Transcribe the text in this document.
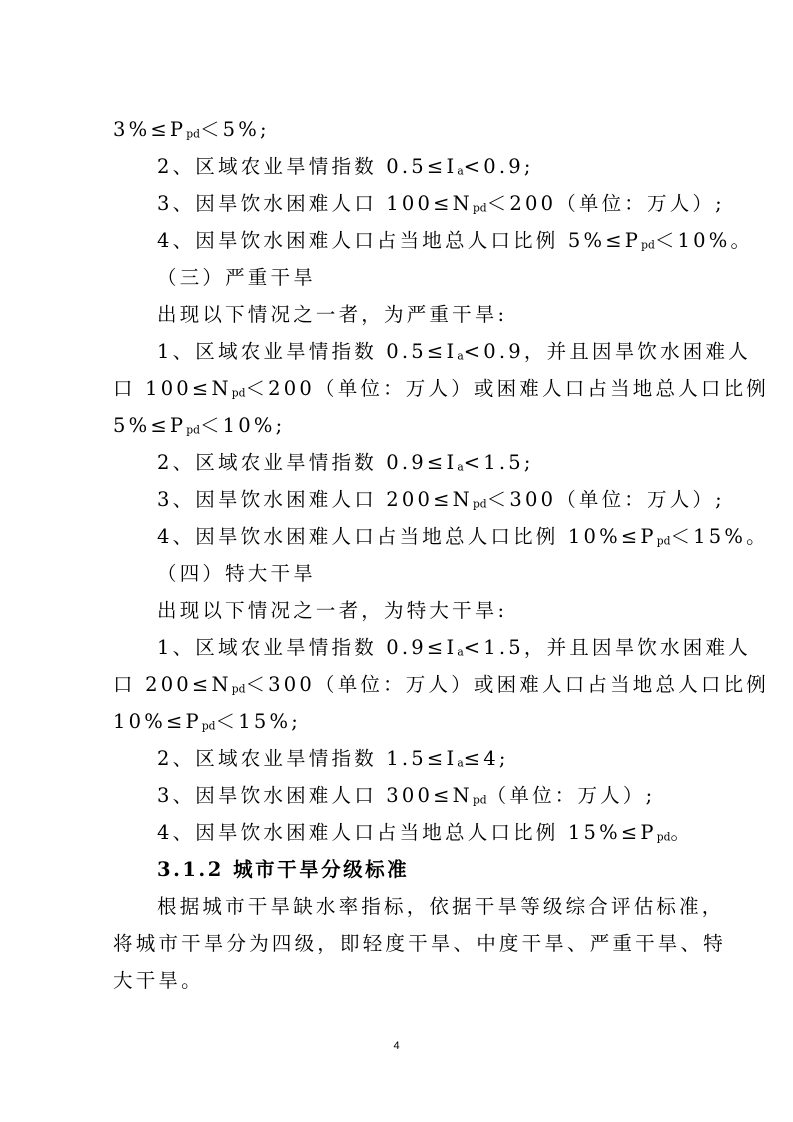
$3\%\le P_{pd}<5\%$;
2、区域农业旱情指数 $0.5\le I_a<0.9$;
3、因旱饮水困难人口 $100\le N_{pd}<200$（单位：万人）;
4、因旱饮水困难人口占当地总人口比例 $5\%\le P_{pd}<10\%$。
（三）严重干旱
出现以下情况之一者，为严重干旱:
1、区域农业旱情指数 $0.5\le I_a<0.9$，并且因旱饮水困难人
口 $100\le N_{pd}<200$（单位：万人）或困难人口占当地总人口比例
$5\%\le P_{pd}<10\%$;
2、区域农业旱情指数 $0.9\le I_a<1.5$;
3、因旱饮水困难人口 $200\le N_{pd}<300$（单位：万人）;
4、因旱饮水困难人口占当地总人口比例 $10\%\le P_{pd}<15\%$。
（四）特大干旱
出现以下情况之一者，为特大干旱:
1、区域农业旱情指数 $0.9\le I_a<1.5$，并且因旱饮水困难人
口 $200\le N_{pd}<300$（单位：万人）或困难人口占当地总人口比例
$10\%\le P_{pd}<15\%$;
2、区域农业旱情指数 $1.5\le I_a\le 4$;
3、因旱饮水困难人口 $300\le N_{pd}$（单位：万人）;
4、因旱饮水困难人口占当地总人口比例 $15\%\le P_{pd}$。
3.1.2 城市干旱分级标准
根据城市干旱缺水率指标，依据干旱等级综合评估标准，
将城市干旱分为四级，即轻度干旱、中度干旱、严重干旱、特
大干旱。
4
